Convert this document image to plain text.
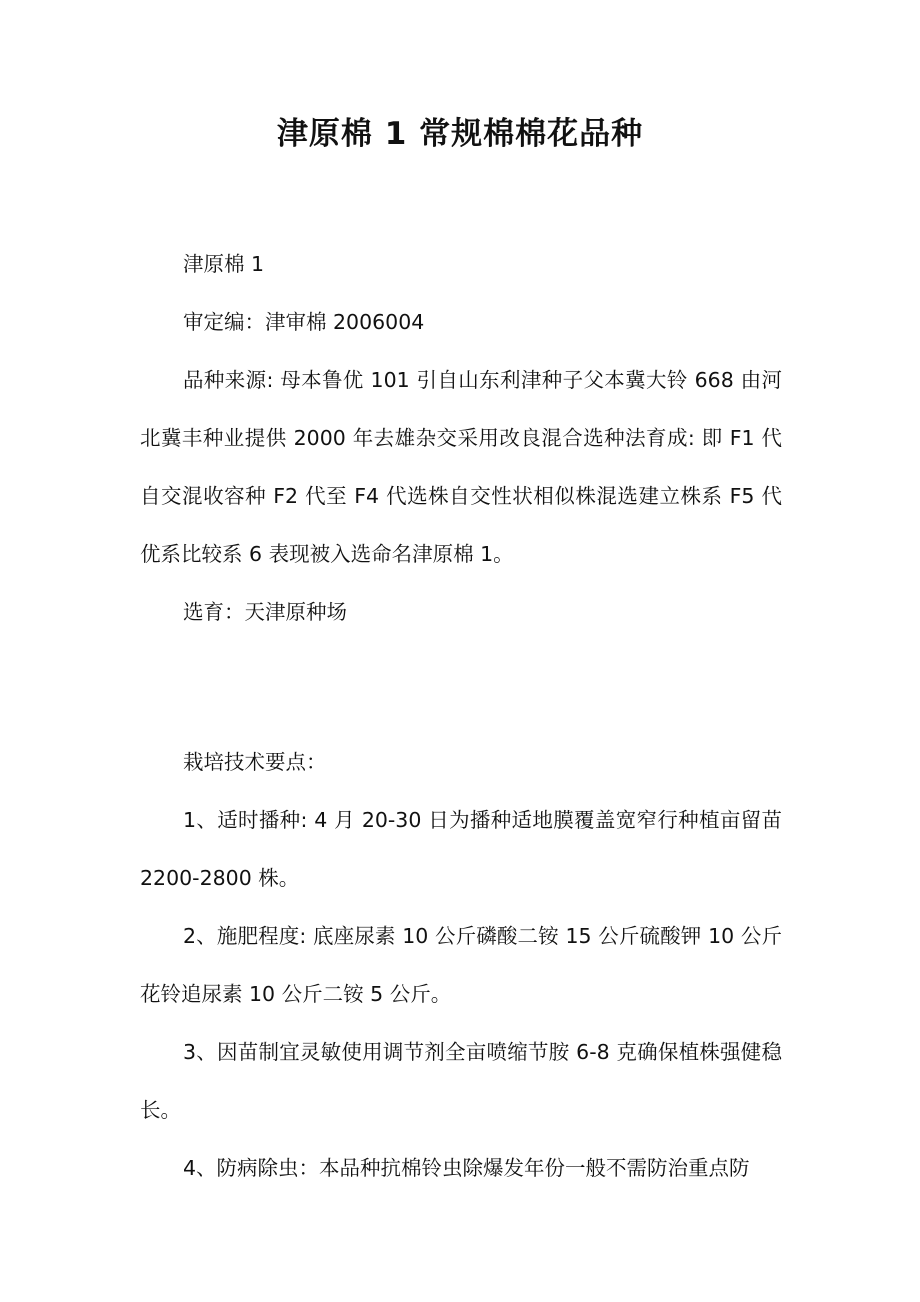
津原棉 1 常规棉棉花品种

津原棉 1

审定编：津审棉 2006004

品种来源: 母本鲁优 101 引自山东利津种子父本冀大铃 668 由河北冀丰种业提供 2000 年去雄杂交采用改良混合选种法育成: 即 F1 代自交混收容种 F2 代至 F4 代选株自交性状相似株混选建立株系 F5 代优系比较系 6 表现被入选命名津原棉 1。

选育：天津原种场

栽培技术要点：

1、适时播种: 4 月 20-30 日为播种适地膜覆盖宽窄行种植亩留苗 2200-2800 株。

2、施肥程度: 底座尿素 10 公斤磷酸二铵 15 公斤硫酸钾 10 公斤花铃追尿素 10 公斤二铵 5 公斤。

3、因苗制宜灵敏使用调节剂全亩喷缩节胺 6-8 克确保植株强健稳长。

4、防病除虫：本品种抗棉铃虫除爆发年份一般不需防治重点防
